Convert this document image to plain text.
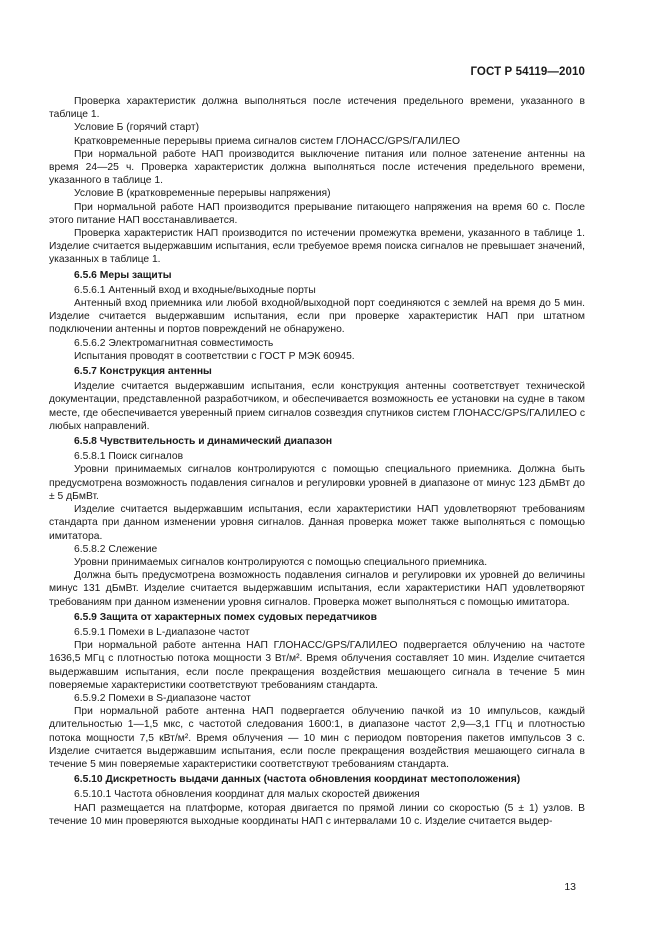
ГОСТ Р 54119—2010

Проверка характеристик должна выполняться после истечения предельного времени, указанного в таблице 1.

Условие Б (горячий старт)

Кратковременные перерывы приема сигналов систем ГЛОНАСС/GPS/ГАЛИЛЕО

При нормальной работе НАП производится выключение питания или полное затенение антенны на время 24—25 ч. Проверка характеристик должна выполняться после истечения предельного времени, указанного в таблице 1.

Условие В (кратковременные перерывы напряжения)

При нормальной работе НАП производится прерывание питающего напряжения на время 60 с. После этого питание НАП восстанавливается.

Проверка характеристик НАП производится по истечении промежутка времени, указанного в таблице 1. Изделие считается выдержавшим испытания, если требуемое время поиска сигналов не превышает значений, указанных в таблице 1.

6.5.6 Меры защиты

6.5.6.1 Антенный вход и входные/выходные порты

Антенный вход приемника или любой входной/выходной порт соединяются с землей на время до 5 мин. Изделие считается выдержавшим испытания, если при проверке характеристик НАП при штатном подключении антенны и портов повреждений не обнаружено.

6.5.6.2 Электромагнитная совместимость

Испытания проводят в соответствии с ГОСТ Р МЭК 60945.

6.5.7 Конструкция антенны

Изделие считается выдержавшим испытания, если конструкция антенны соответствует технической документации, представленной разработчиком, и обеспечивается возможность ее установки на судне в таком месте, где обеспечивается уверенный прием сигналов созвездия спутников систем ГЛОНАСС/GPS/ГАЛИЛЕО с любых направлений.

6.5.8 Чувствительность и динамический диапазон

6.5.8.1 Поиск сигналов

Уровни принимаемых сигналов контролируются с помощью специального приемника. Должна быть предусмотрена возможность подавления сигналов и регулировки уровней в диапазоне от минус 123 дБмВт до ± 5 дБмВт.

Изделие считается выдержавшим испытания, если характеристики НАП удовлетворяют требованиям стандарта при данном изменении уровня сигналов. Данная проверка может также выполняться с помощью имитатора.

6.5.8.2 Слежение

Уровни принимаемых сигналов контролируются с помощью специального приемника.

Должна быть предусмотрена возможность подавления сигналов и регулировки их уровней до величины минус 131 дБмВт. Изделие считается выдержавшим испытания, если характеристики НАП удовлетворяют требованиям при данном изменении уровня сигналов. Проверка может выполняться с помощью имитатора.

6.5.9 Защита от характерных помех судовых передатчиков

6.5.9.1 Помехи в L-диапазоне частот

При нормальной работе антенна НАП ГЛОНАСС/GPS/ГАЛИЛЕО подвергается облучению на частоте 1636,5 МГц с плотностью потока мощности 3 Вт/м². Время облучения составляет 10 мин. Изделие считается выдержавшим испытания, если после прекращения воздействия мешающего сигнала в течение 5 мин поверяемые характеристики соответствуют требованиям стандарта.

6.5.9.2 Помехи в S-диапазоне частот

При нормальной работе антенна НАП подвергается облучению пачкой из 10 импульсов, каждый длительностью 1—1,5 мкс, с частотой следования 1600:1, в диапазоне частот 2,9—3,1 ГГц и плотностью потока мощности 7,5 кВт/м². Время облучения — 10 мин с периодом повторения пакетов импульсов 3 с. Изделие считается выдержавшим испытания, если после прекращения воздействия мешающего сигнала в течение 5 мин поверяемые характеристики соответствуют требованиям стандарта.

6.5.10 Дискретность выдачи данных (частота обновления координат местоположения)

6.5.10.1 Частота обновления координат для малых скоростей движения

НАП размещается на платформе, которая двигается по прямой линии со скоростью (5 ± 1) узлов. В течение 10 мин проверяются выходные координаты НАП с интервалами 10 с. Изделие считается выдер-

13
